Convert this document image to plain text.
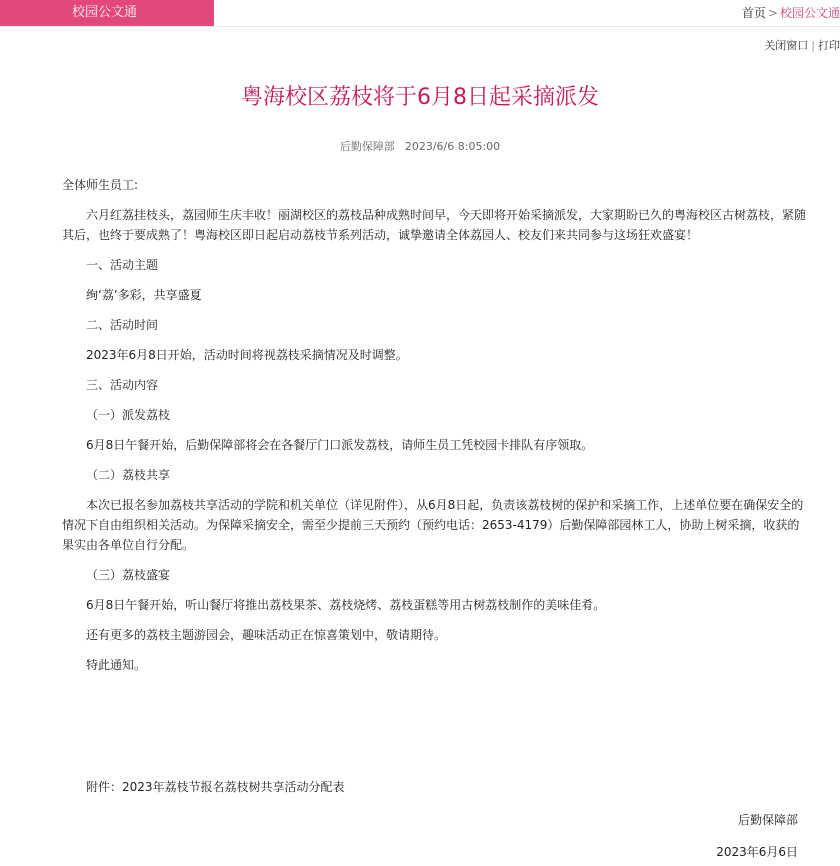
校园公文通	首页 > 校园公文通
关闭窗口 | 打印
粤海校区荔枝将于6月8日起采摘派发
后勤保障部 2023/6/6 8:05:00

全体师生员工:

六月红荔挂枝头，荔园师生庆丰收！丽湖校区的荔枝品种成熟时间早，今天即将开始采摘派发，大家期盼已久的粤海校区古树荔枝，紧随其后，也终于要成熟了！粤海校区即日起启动荔枝节系列活动，诚挚邀请全体荔园人、校友们来共同参与这场狂欢盛宴！

一、活动主题

绚‘荔’多彩，共享盛夏

二、活动时间

2023年6月8日开始，活动时间将视荔枝采摘情况及时调整。

三、活动内容

（一）派发荔枝

6月8日午餐开始，后勤保障部将会在各餐厅门口派发荔枝，请师生员工凭校园卡排队有序领取。

（二）荔枝共享

本次已报名参加荔枝共享活动的学院和机关单位（详见附件），从6月8日起，负责该荔枝树的保护和采摘工作，上述单位要在确保安全的情况下自由组织相关活动。为保障采摘安全，需至少提前三天预约（预约电话：2653-4179）后勤保障部园林工人，协助上树采摘，收获的果实由各单位自行分配。

（三）荔枝盛宴

6月8日午餐开始，听山餐厅将推出荔枝果茶、荔枝烧烤、荔枝蛋糕等用古树荔枝制作的美味佳肴。

还有更多的荔枝主题游园会，趣味活动正在惊喜策划中，敬请期待。

特此通知。

附件：2023年荔枝节报名荔枝树共享活动分配表
后勤保障部
2023年6月6日
